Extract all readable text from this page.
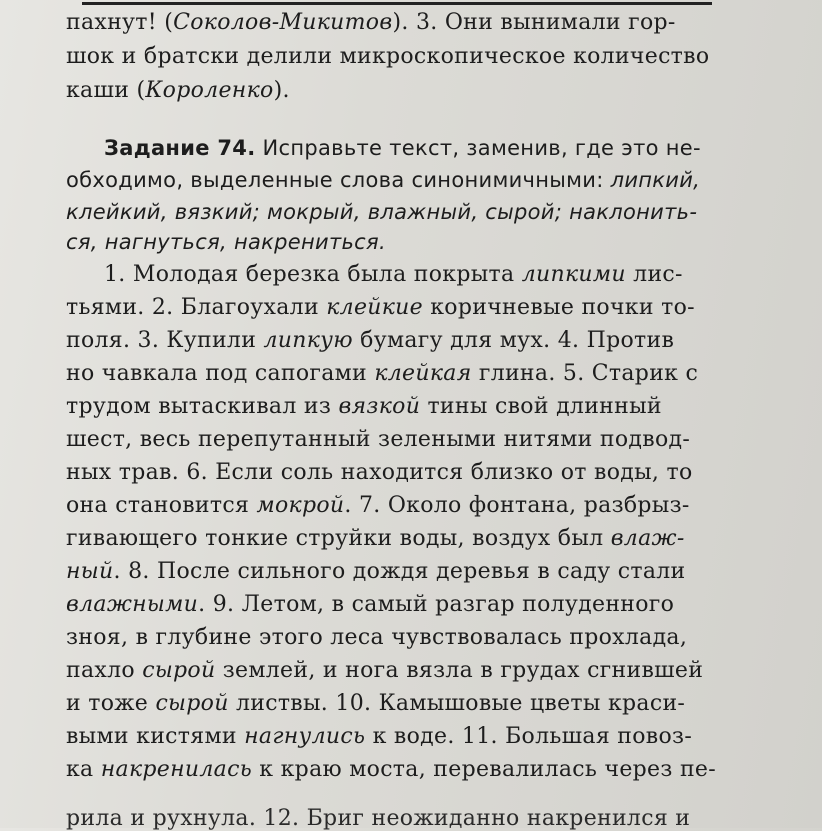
пахнут! (Соколов-Микитов). 3. Они вынимали гор-
шок и братски делили микроскопическое количество
каши (Короленко).
Задание 74. Исправьте текст, заменив, где это не-
обходимо, выделенные слова синонимичными: липкий,
клейкий, вязкий; мокрый, влажный, сырой; наклонить-
ся, нагнуться, накрениться.
1. Молодая березка была покрыта липкими лис-
тьями. 2. Благоухали клейкие коричневые почки то-
поля. 3. Купили липкую бумагу для мух. 4. Против
но чавкала под сапогами клейкая глина. 5. Старик с
трудом вытаскивал из вязкой тины свой длинный
шест, весь перепутанный зелеными нитями подвод-
ных трав. 6. Если соль находится близко от воды, то
она становится мокрой. 7. Около фонтана, разбрыз-
гивающего тонкие струйки воды, воздух был влаж-
ный. 8. После сильного дождя деревья в саду стали
влажными. 9. Летом, в самый разгар полуденного
зноя, в глубине этого леса чувствовалась прохлада,
пахло сырой землей, и нога вязла в грудах сгнившей
и тоже сырой листвы. 10. Камышовые цветы краси-
выми кистями нагнулись к воде. 11. Большая повоз-
ка накренилась к краю моста, перевалилась через пе-
рила и рухнула. 12. Бриг неожиданно накренился и
